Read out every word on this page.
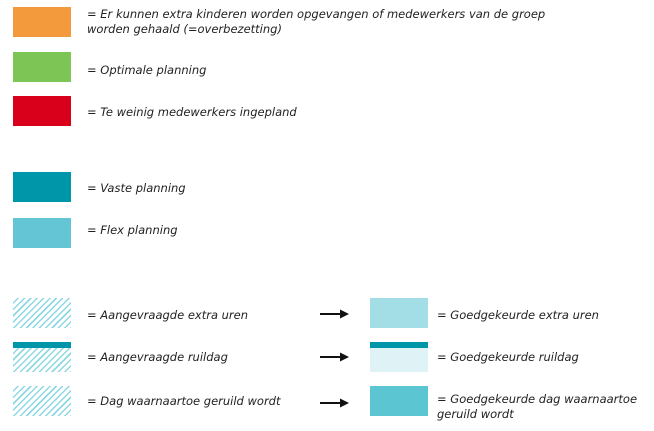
= Er kunnen extra kinderen worden opgevangen of medewerkers van de groep worden gehaald (=overbezetting)
= Optimale planning
= Te weinig medewerkers ingepland
= Vaste planning
= Flex planning
= Aangevraagde extra uren	= Goedgekeurde extra uren
= Aangevraagde ruildag	= Goedgekeurde ruildag
= Dag waarnaartoe geruild wordt	= Goedgekeurde dag waarnaartoe geruild wordt
